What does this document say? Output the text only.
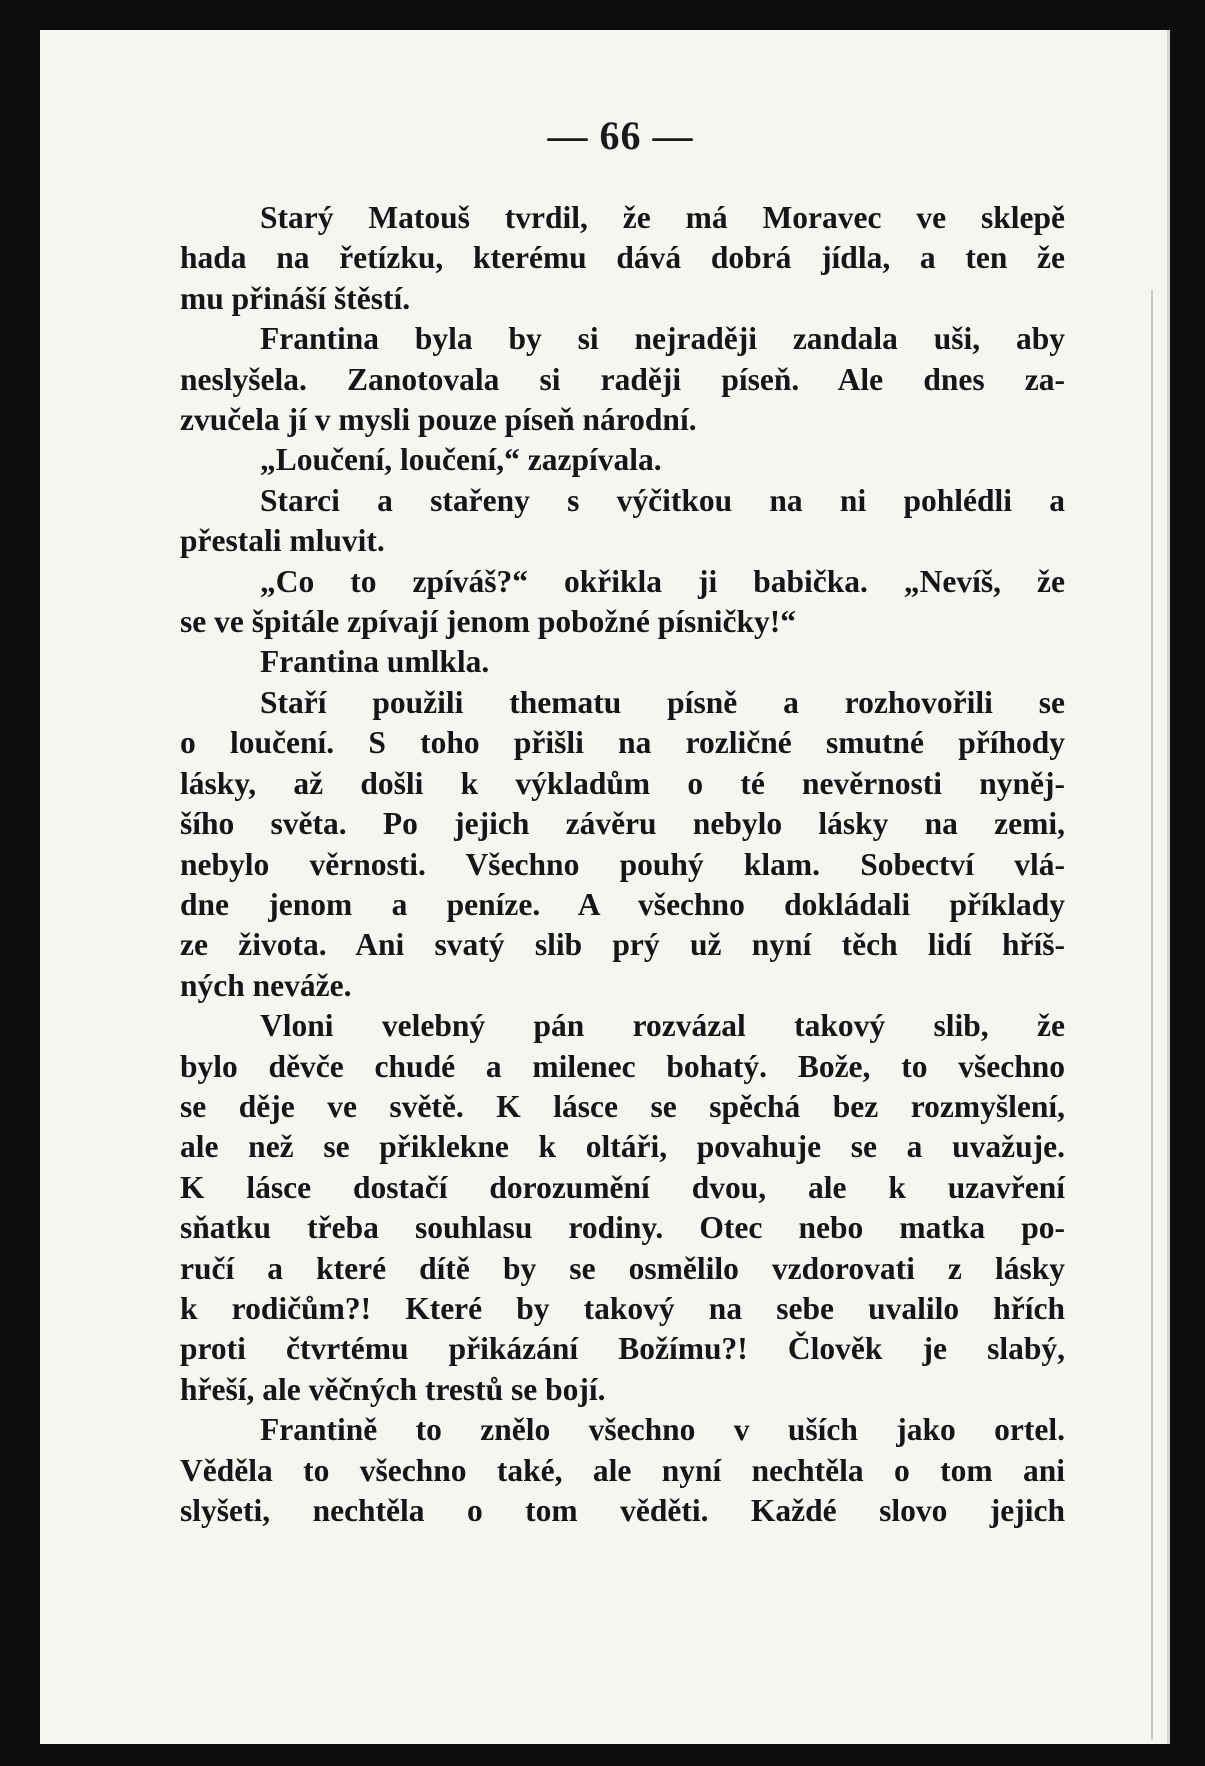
— 66 —
Starý Matouš tvrdil, že má Moravec ve sklepě
hada na řetízku, kterému dává dobrá jídla, a ten že
mu přináší štěstí.
Frantina byla by si nejraději zandala uši, aby
neslyšela. Zanotovala si raději píseň. Ale dnes za-
zvučela jí v mysli pouze píseň národní.
„Loučení, loučení,“ zazpívala.
Starci a stařeny s výčitkou na ni pohlédli a
přestali mluvit.
„Co to zpíváš?“ okřikla ji babička. „Nevíš, že
se ve špitále zpívají jenom pobožné písničky!“
Frantina umlkla.
Staří použili thematu písně a rozhovořili se
o loučení. S toho přišli na rozličné smutné příhody
lásky, až došli k výkladům o té nevěrnosti nyněj-
šího světa. Po jejich závěru nebylo lásky na zemi,
nebylo věrnosti. Všechno pouhý klam. Sobectví vlá-
dne jenom a peníze. A všechno dokládali příklady
ze života. Ani svatý slib prý už nyní těch lidí hříš-
ných neváže.
Vloni velebný pán rozvázal takový slib, že
bylo děvče chudé a milenec bohatý. Bože, to všechno
se děje ve světě. K lásce se spěchá bez rozmyšlení,
ale než se přiklekne k oltáři, povahuje se a uvažuje.
K lásce dostačí dorozumění dvou, ale k uzavření
sňatku třeba souhlasu rodiny. Otec nebo matka po-
ručí a které dítě by se osmělilo vzdorovati z lásky
k rodičům?! Které by takový na sebe uvalilo hřích
proti čtvrtému přikázání Božímu?! Člověk je slabý,
hřeší, ale věčných trestů se bojí.
Frantině to znělo všechno v uších jako ortel.
Věděla to všechno také, ale nyní nechtěla o tom ani
slyšeti, nechtěla o tom věděti. Každé slovo jejich
